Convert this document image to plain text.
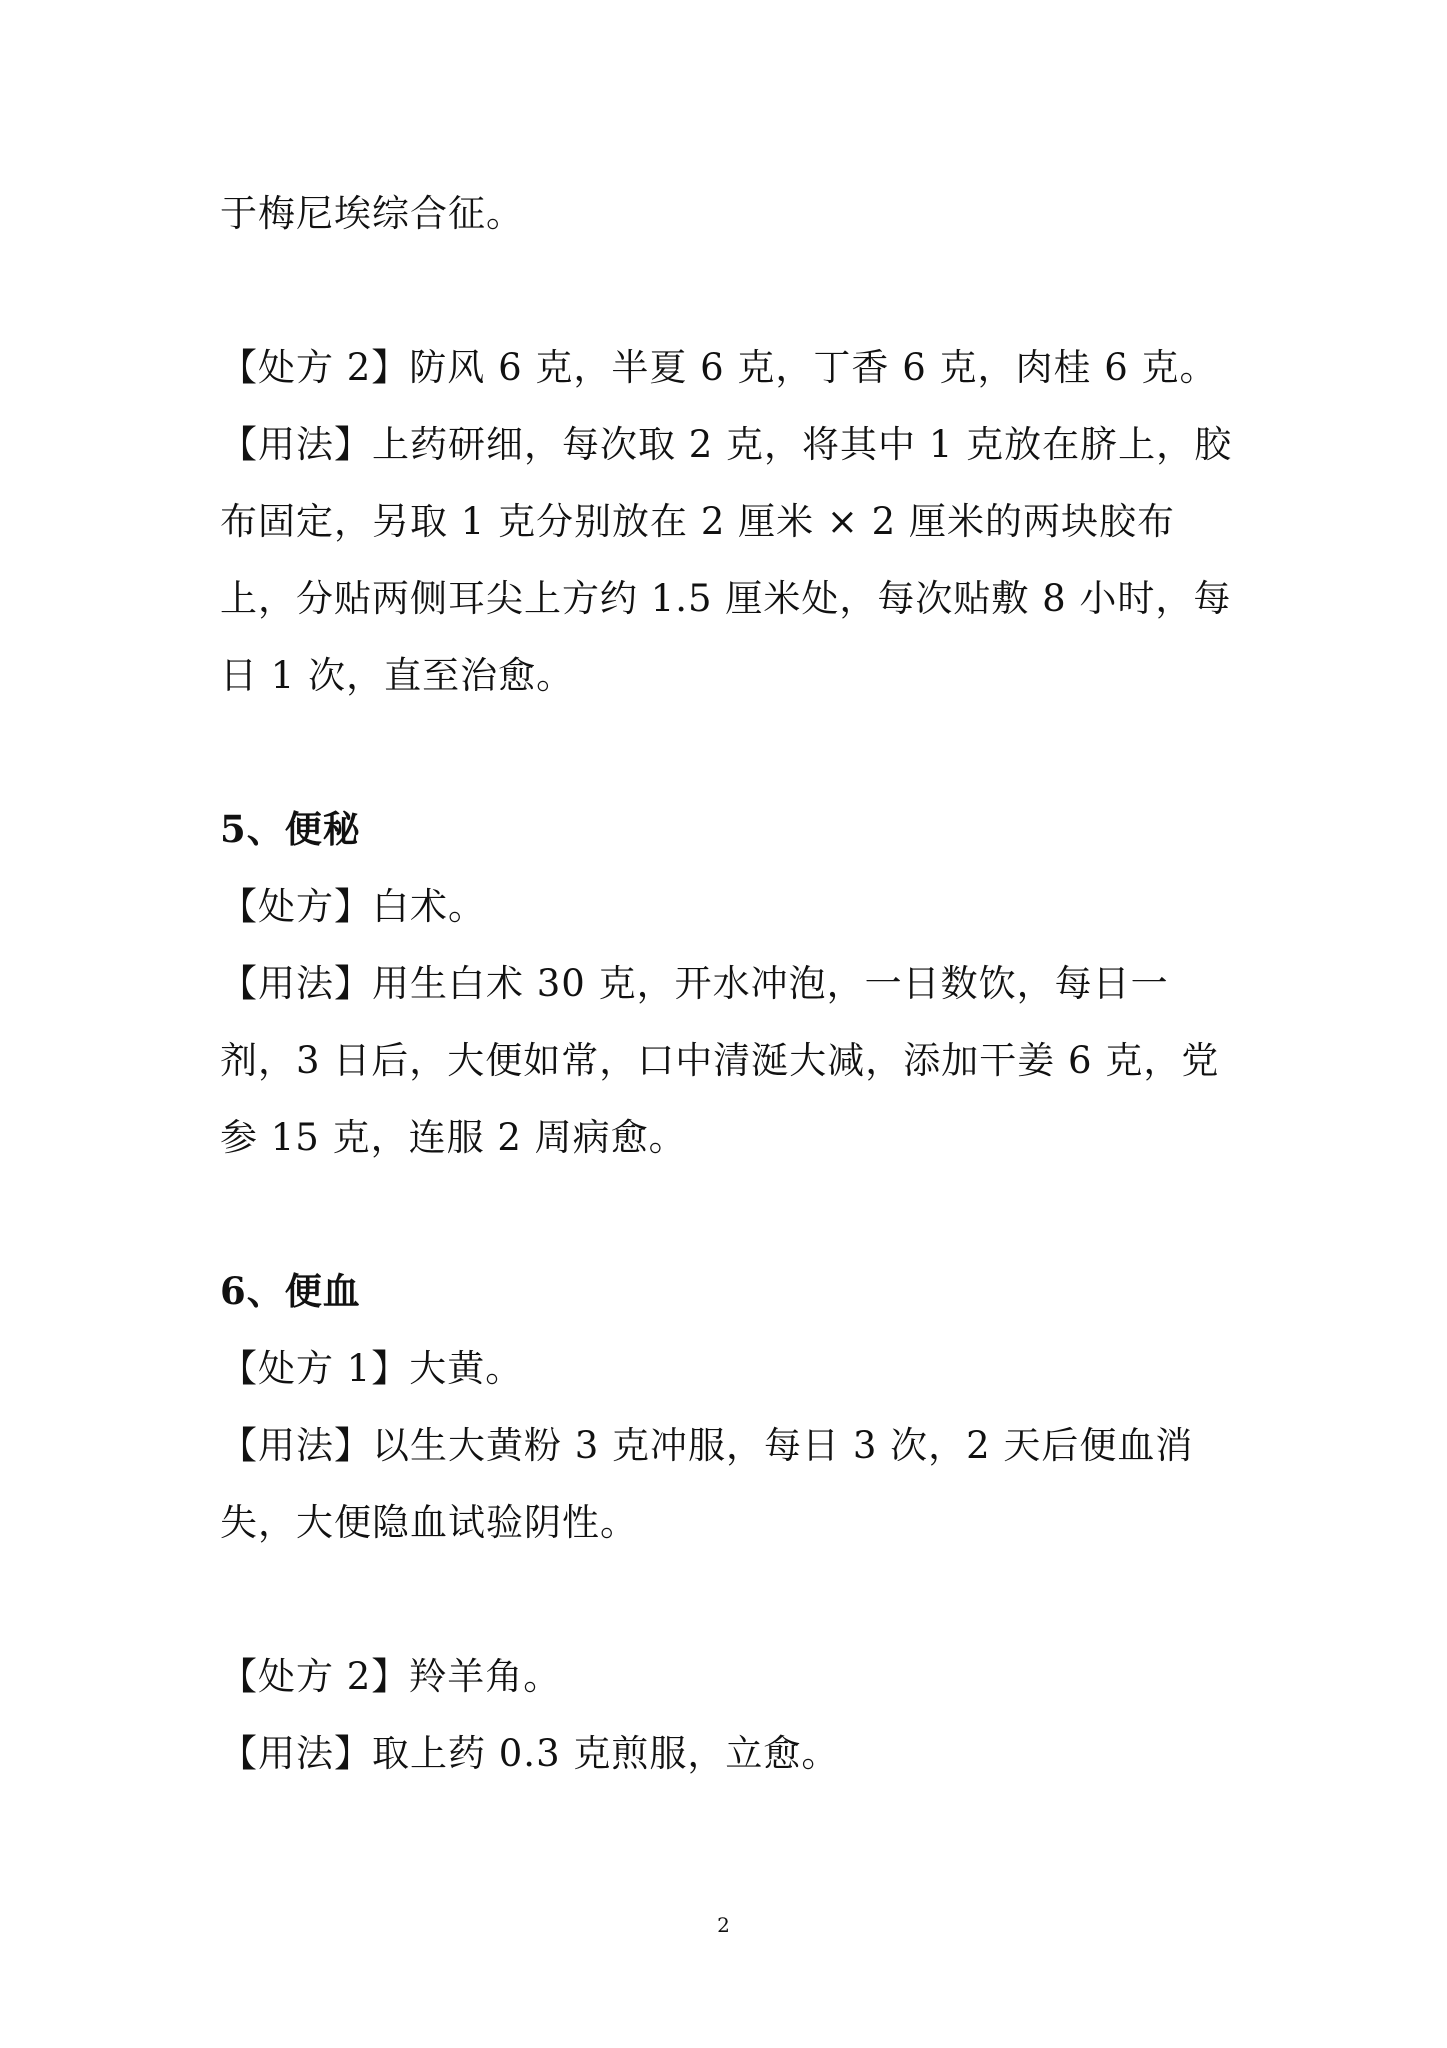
于梅尼埃综合征。

【处方 2】防风 6 克，半夏 6 克，丁香 6 克，肉桂 6 克。

【用法】上药研细，每次取 2 克，将其中 1 克放在脐上，胶布固定，另取 1 克分别放在 2 厘米 × 2 厘米的两块胶布上，分贴两侧耳尖上方约 1.5 厘米处，每次贴敷 8 小时，每日 1 次，直至治愈。

5、便秘

【处方】白术。

【用法】用生白术 30 克，开水冲泡，一日数饮，每日一剂，3 日后，大便如常，口中清涎大减，添加干姜 6 克，党参 15 克，连服 2 周病愈。

6、便血

【处方 1】大黄。

【用法】以生大黄粉 3 克冲服，每日 3 次，2 天后便血消失，大便隐血试验阴性。

【处方 2】羚羊角。

【用法】取上药 0.3 克煎服，立愈。

2
